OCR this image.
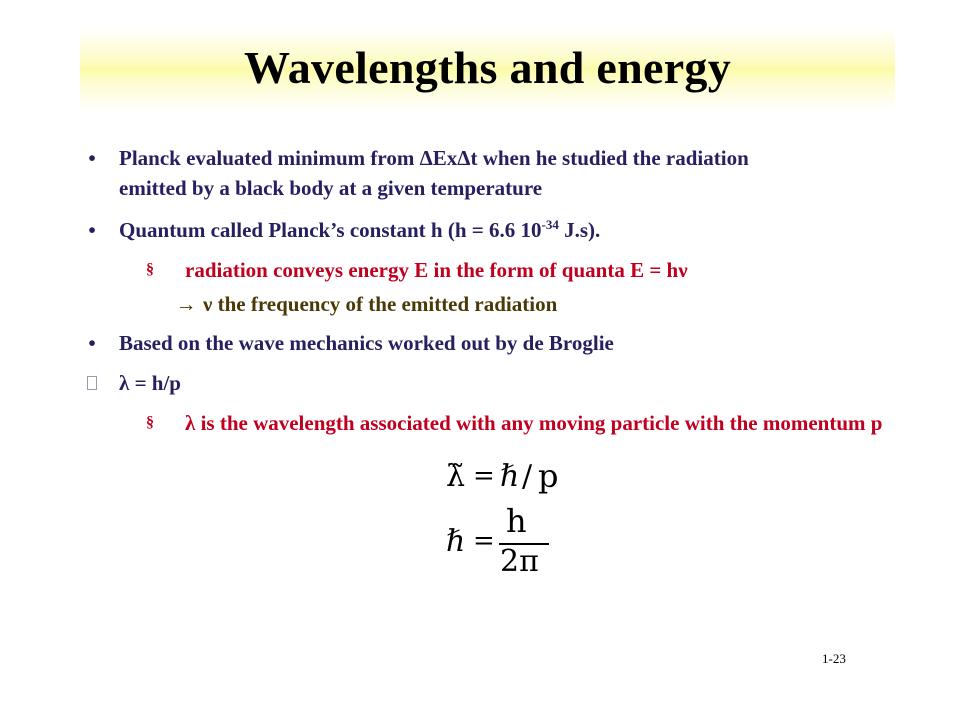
Wavelengths and energy
• Planck evaluated minimum from ΔExΔt when he studied the radiation emitted by a black body at a given temperature
• Quantum called Planck’s constant h (h = 6.6 $10^{-34}$ J.s).
§ radiation conveys energy E in the form of quanta E = hν
→ ν the frequency of the emitted radiation
• Based on the wave mechanics worked out by de Broglie
λ = h/p
§ λ is the wavelength associated with any moving particle with the momentum p
λ̃ = ℏ / p
ℏ =
h
2π
1-23
